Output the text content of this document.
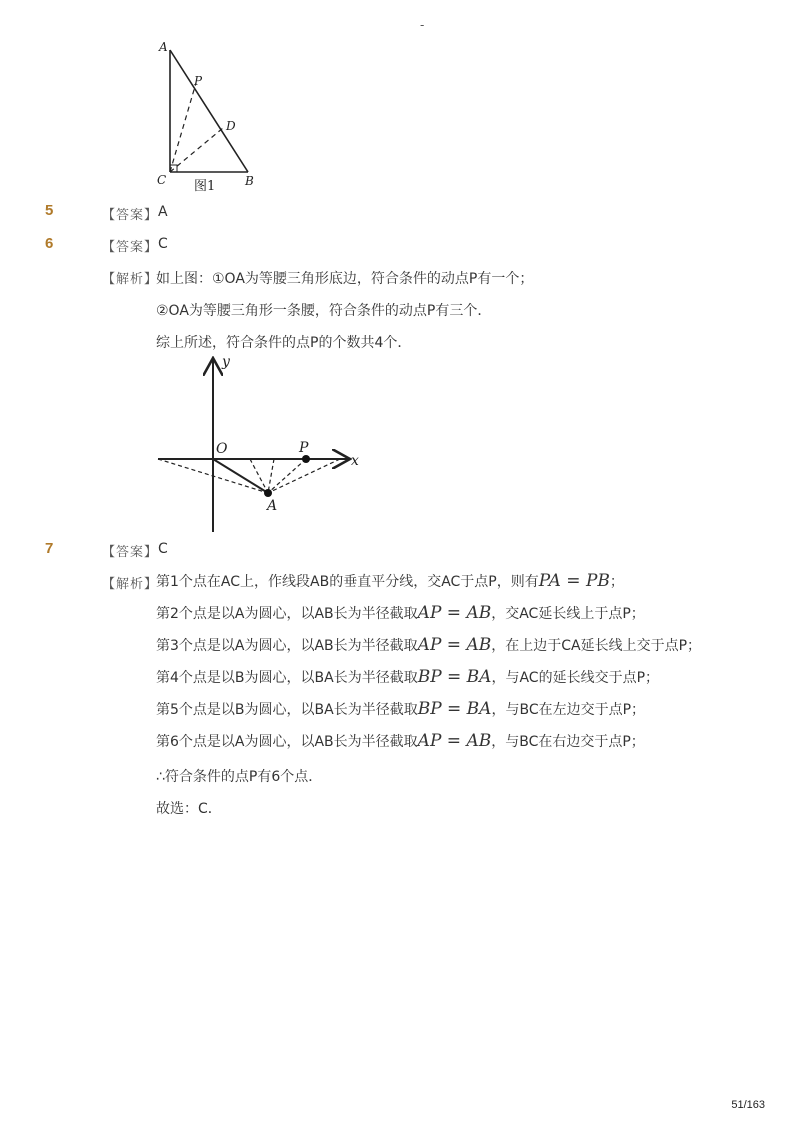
-
A
P
D
C	B
图1
5	【答案】 A
6	【答案】 C
【解析】
如上图：①OA为等腰三角形底边，符合条件的动点P有一个；
②OA为等腰三角形一条腰，符合条件的动点P有三个．
综上所述，符合条件的点P的个数共4个．
y
x
O	P
A
7	【答案】 C
【解析】
第1个点在AC上，作线段AB的垂直平分线，交AC于点P，则有PA = PB；
第2个点是以A为圆心，以AB长为半径截取AP = AB，交AC延长线上于点P；
第3个点是以A为圆心，以AB长为半径截取AP = AB，在上边于CA延长线上交于点P；
第4个点是以B为圆心，以BA长为半径截取BP = BA，与AC的延长线交于点P；
第5个点是以B为圆心，以BA长为半径截取BP = BA，与BC在左边交于点P；
第6个点是以A为圆心，以AB长为半径截取AP = AB，与BC在右边交于点P；
∴符合条件的点P有6个点．
故选：C．
51/163
